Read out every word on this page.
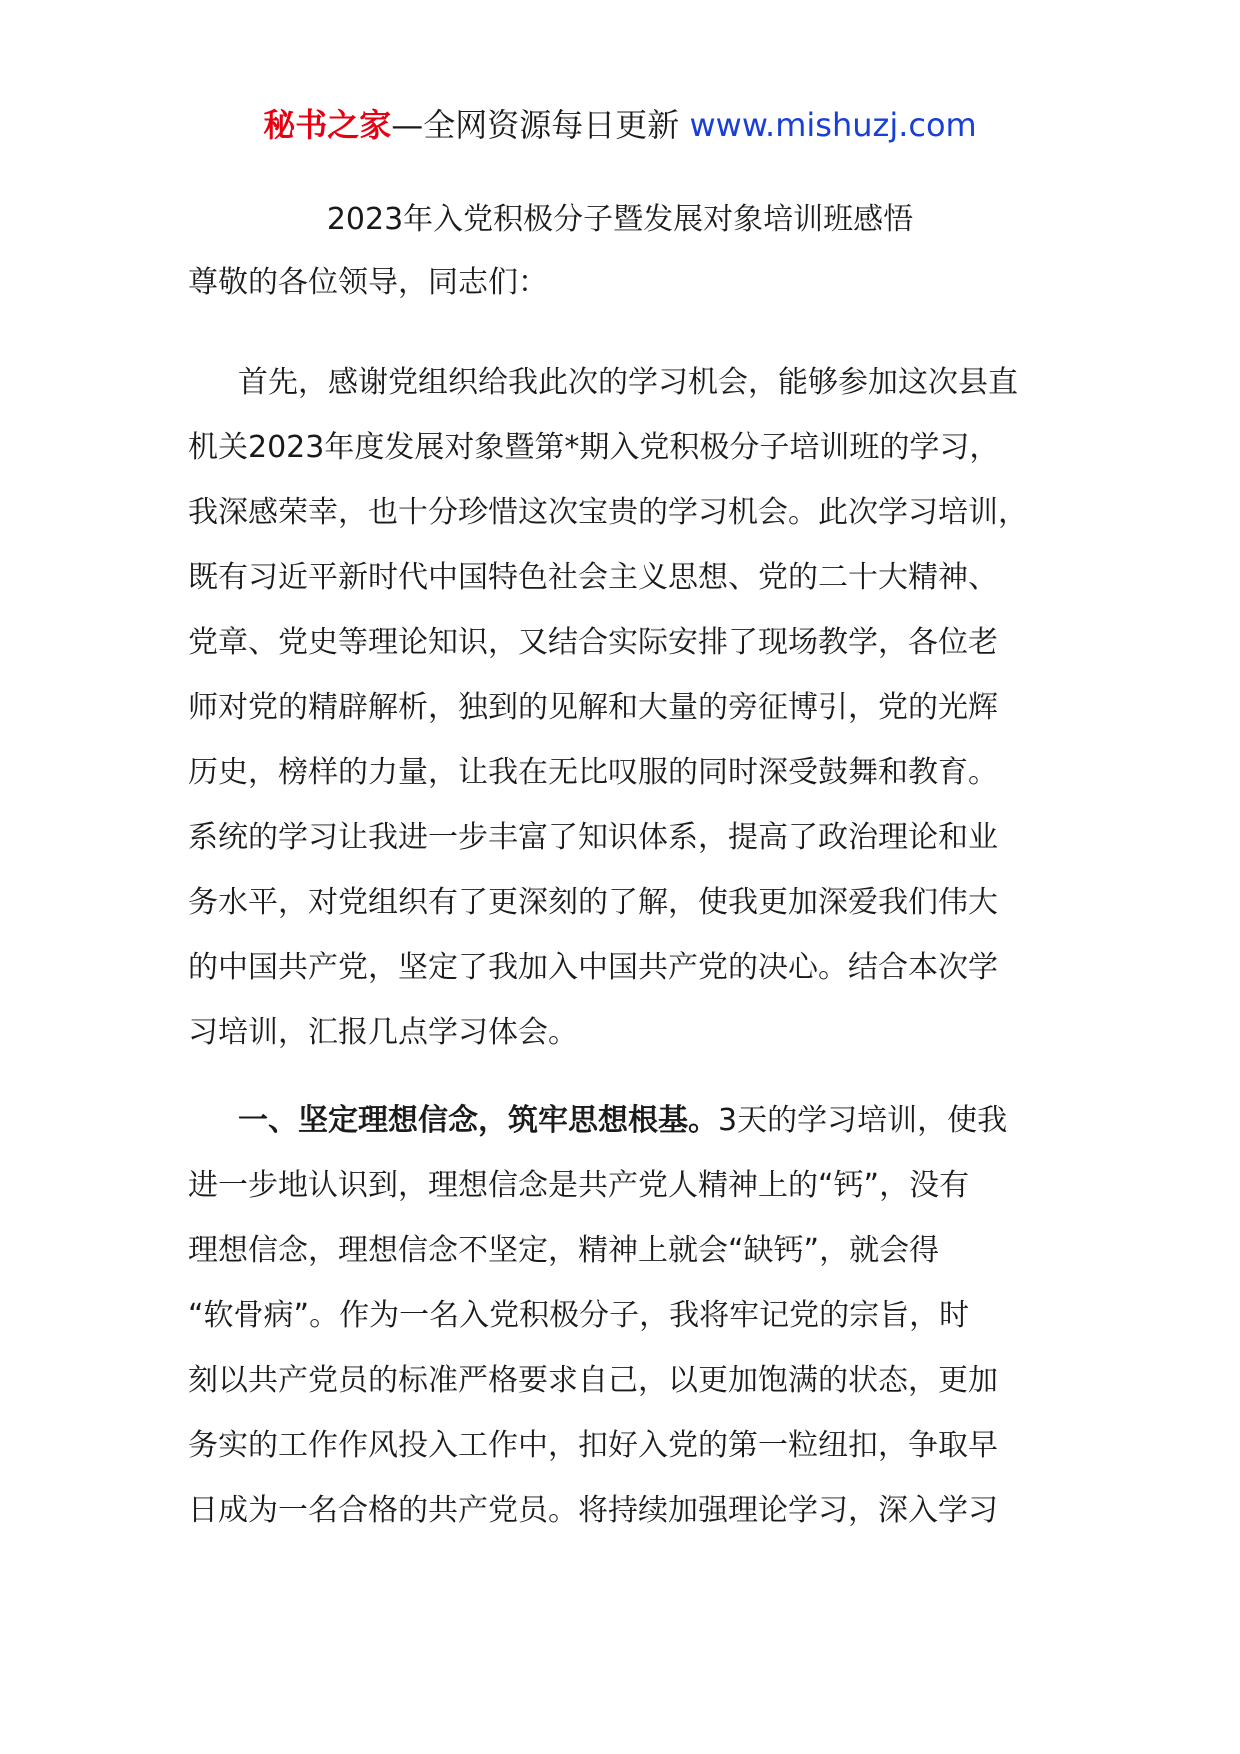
秘书之家—全网资源每日更新 www.mishuzj.com
2023年入党积极分子暨发展对象培训班感悟
尊敬的各位领导，同志们：
首先，感谢党组织给我此次的学习机会，能够参加这次县直
机关2023年度发展对象暨第*期入党积极分子培训班的学习，
我深感荣幸，也十分珍惜这次宝贵的学习机会。此次学习培训，
既有习近平新时代中国特色社会主义思想、党的二十大精神、
党章、党史等理论知识，又结合实际安排了现场教学，各位老
师对党的精辟解析，独到的见解和大量的旁征博引，党的光辉
历史，榜样的力量，让我在无比叹服的同时深受鼓舞和教育。
系统的学习让我进一步丰富了知识体系，提高了政治理论和业
务水平，对党组织有了更深刻的了解，使我更加深爱我们伟大
的中国共产党，坚定了我加入中国共产党的决心。结合本次学
习培训，汇报几点学习体会。
一、坚定理想信念，筑牢思想根基。3天的学习培训，使我
进一步地认识到，理想信念是共产党人精神上的“钙”，没有
理想信念，理想信念不坚定，精神上就会“缺钙”，就会得
“软骨病”。作为一名入党积极分子，我将牢记党的宗旨，时
刻以共产党员的标准严格要求自己，以更加饱满的状态，更加
务实的工作作风投入工作中，扣好入党的第一粒纽扣，争取早
日成为一名合格的共产党员。将持续加强理论学习，深入学习
